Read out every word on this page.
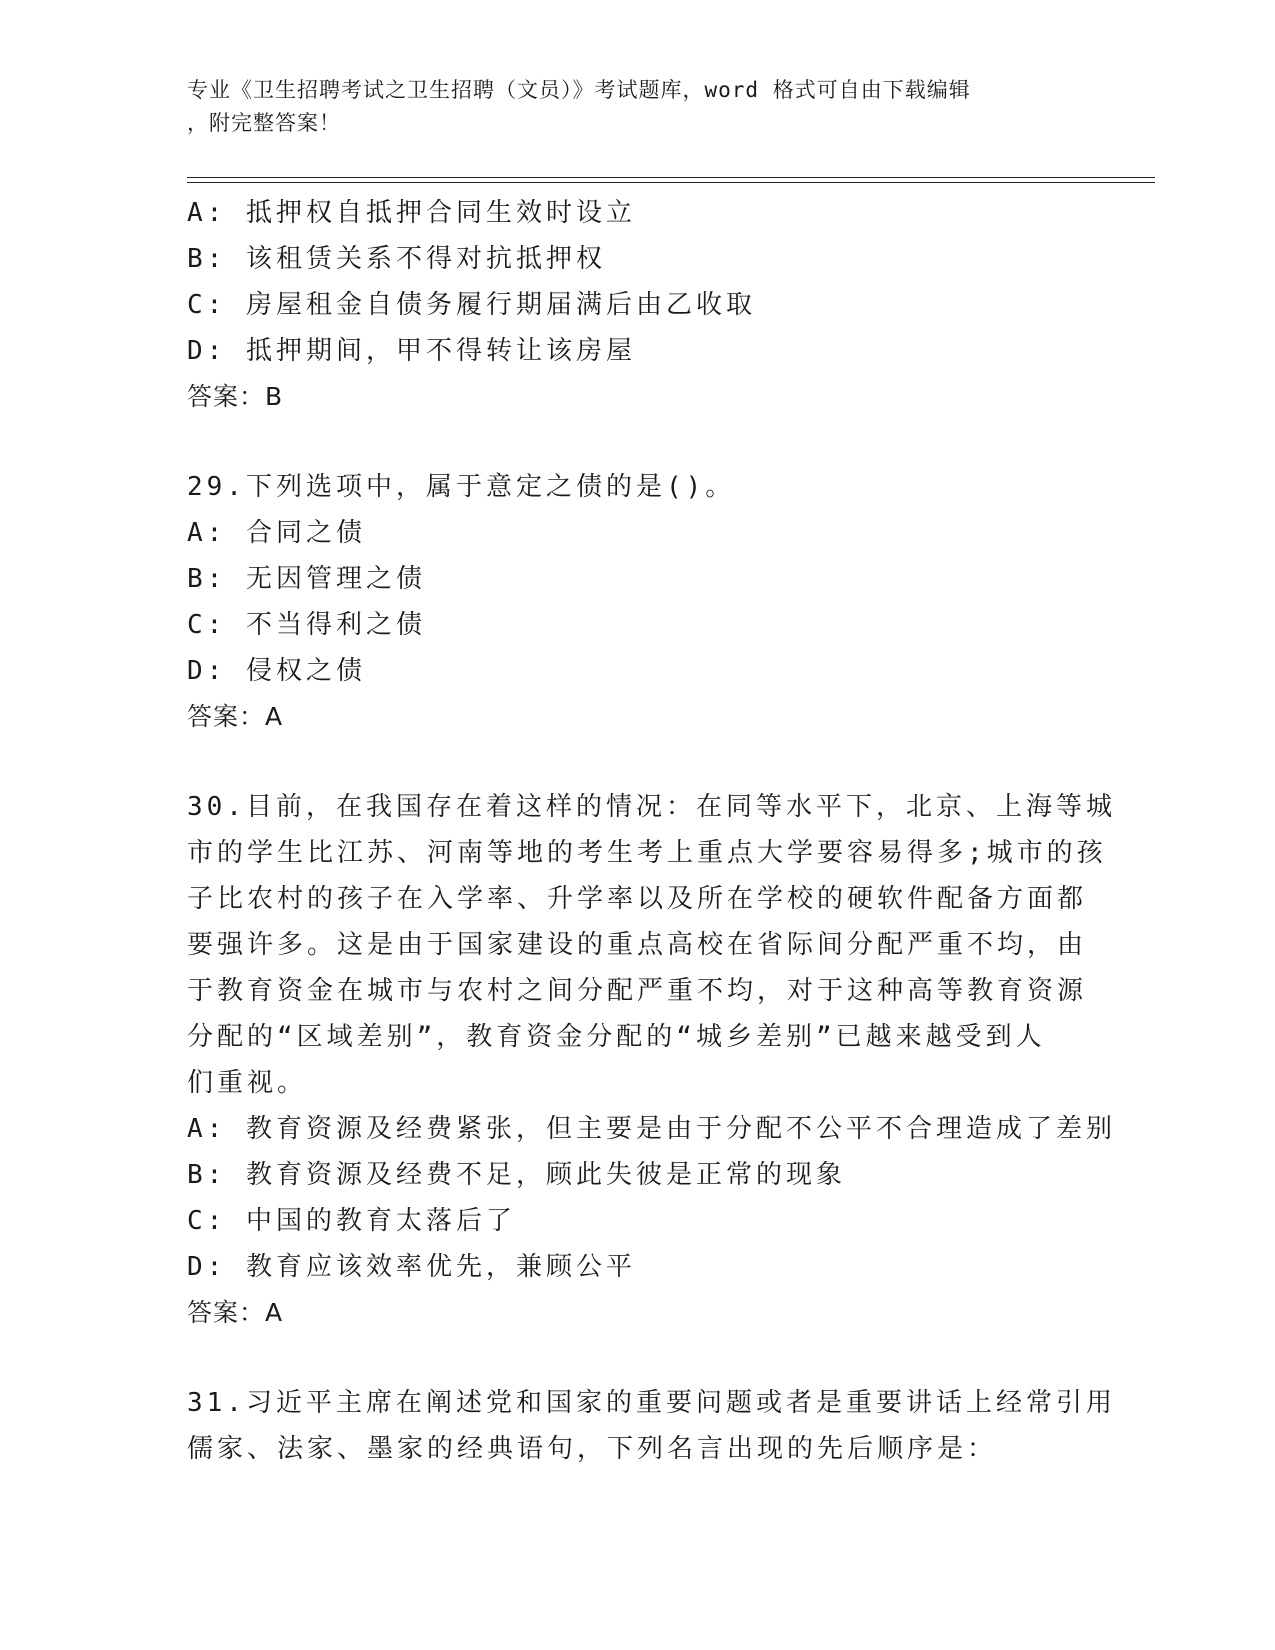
专业《卫生招聘考试之卫生招聘（文员）》考试题库，word 格式可自由下载编辑
，附完整答案！
A: 抵押权自抵押合同生效时设立
B: 该租赁关系不得对抗抵押权
C: 房屋租金自债务履行期届满后由乙收取
D: 抵押期间，甲不得转让该房屋
答案：B
29.下列选项中，属于意定之债的是()。
A: 合同之债
B: 无因管理之债
C: 不当得利之债
D: 侵权之债
答案：A
30.目前，在我国存在着这样的情况：在同等水平下，北京、上海等城
市的学生比江苏、河南等地的考生考上重点大学要容易得多;城市的孩
子比农村的孩子在入学率、升学率以及所在学校的硬软件配备方面都
要强许多。这是由于国家建设的重点高校在省际间分配严重不均，由
于教育资金在城市与农村之间分配严重不均，对于这种高等教育资源
分配的“区域差别”，教育资金分配的“城乡差别”已越来越受到人
们重视。
A: 教育资源及经费紧张，但主要是由于分配不公平不合理造成了差别
B: 教育资源及经费不足，顾此失彼是正常的现象
C: 中国的教育太落后了
D: 教育应该效率优先，兼顾公平
答案：A
31.习近平主席在阐述党和国家的重要问题或者是重要讲话上经常引用
儒家、法家、墨家的经典语句，下列名言出现的先后顺序是：
